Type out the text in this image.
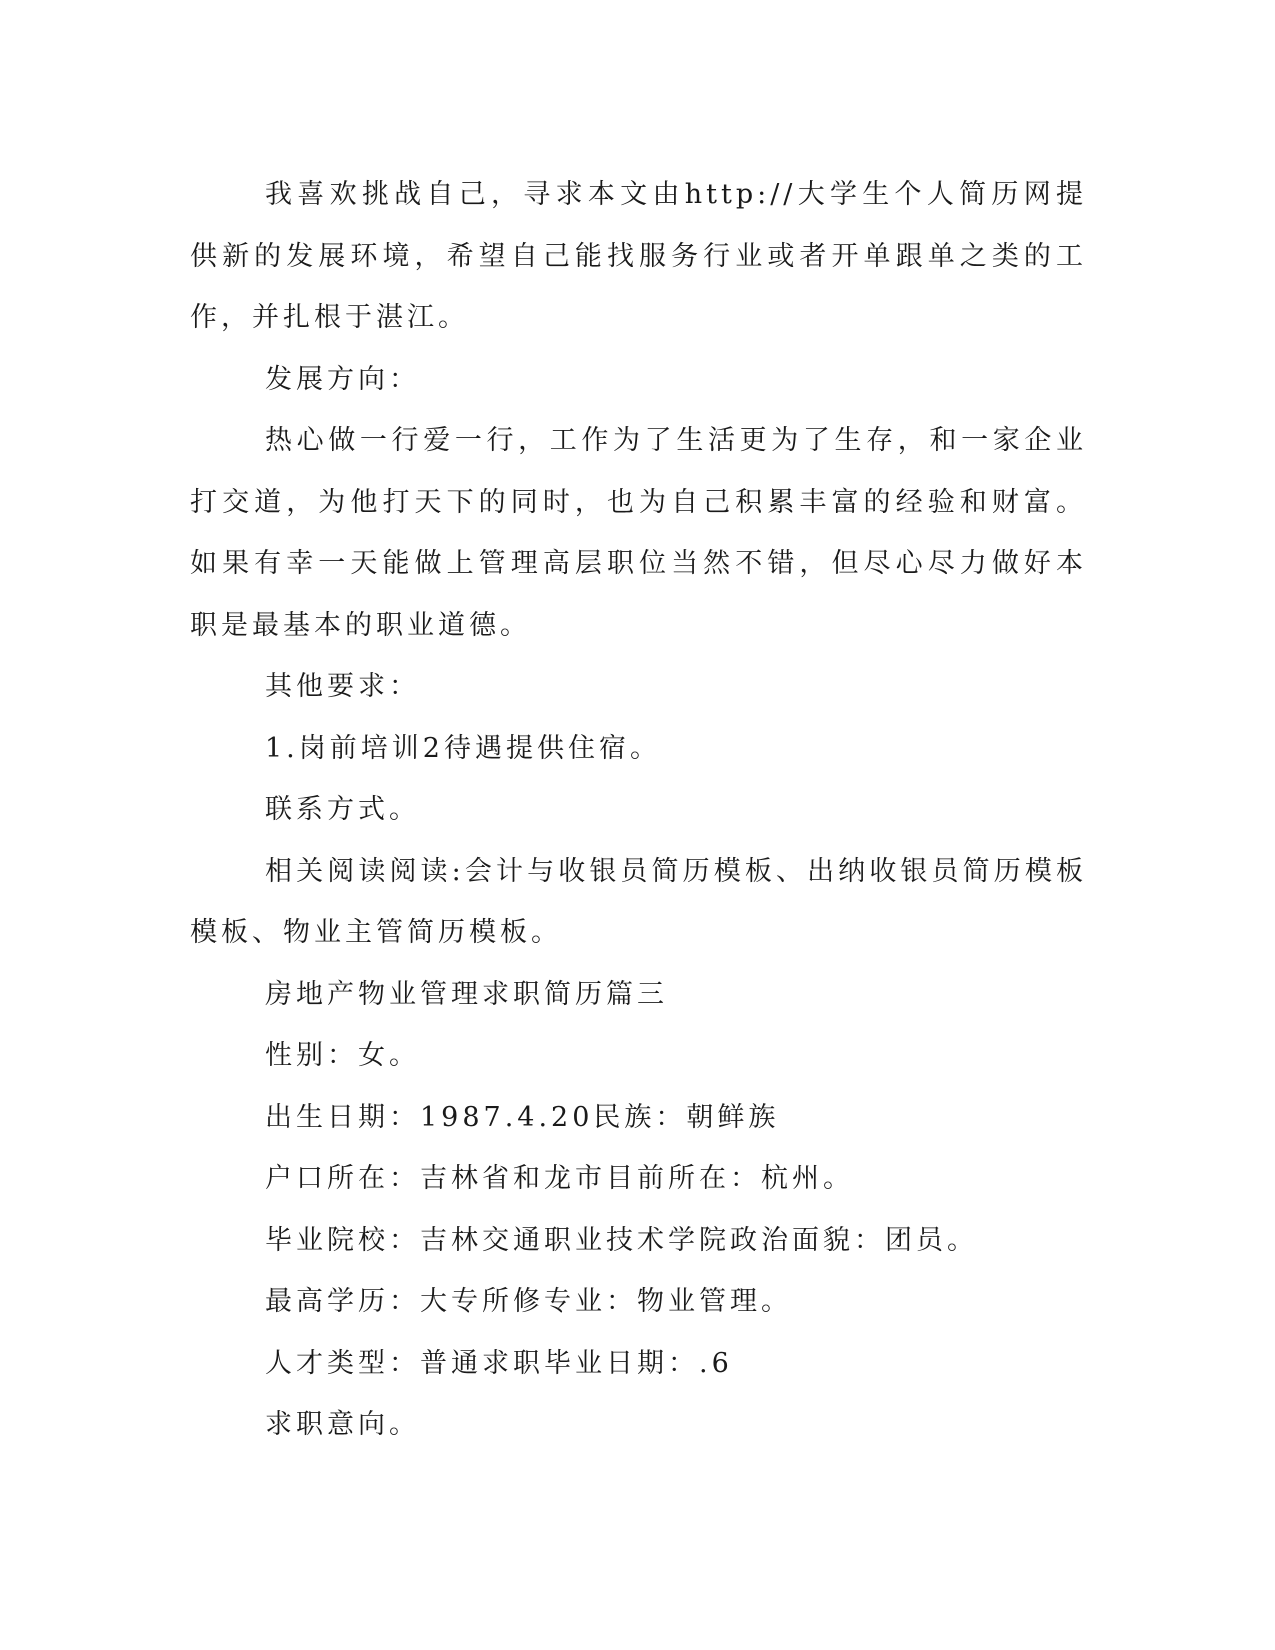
我喜欢挑战自己，寻求本文由http://大学生个人简历网提供新的发展环境，希望自己能找服务行业或者开单跟单之类的工作，并扎根于湛江。

发展方向：

热心做一行爱一行，工作为了生活更为了生存，和一家企业打交道，为他打天下的同时，也为自己积累丰富的经验和财富。如果有幸一天能做上管理高层职位当然不错，但尽心尽力做好本职是最基本的职业道德。

其他要求：

1.岗前培训2待遇提供住宿。

联系方式。

相关阅读阅读:会计与收银员简历模板、出纳收银员简历模板模板、物业主管简历模板。

房地产物业管理求职简历篇三

性别：女。

出生日期：1987.4.20民族：朝鲜族

户口所在：吉林省和龙市目前所在：杭州。

毕业院校：吉林交通职业技术学院政治面貌：团员。

最高学历：大专所修专业：物业管理。

人才类型：普通求职毕业日期：.6

求职意向。
